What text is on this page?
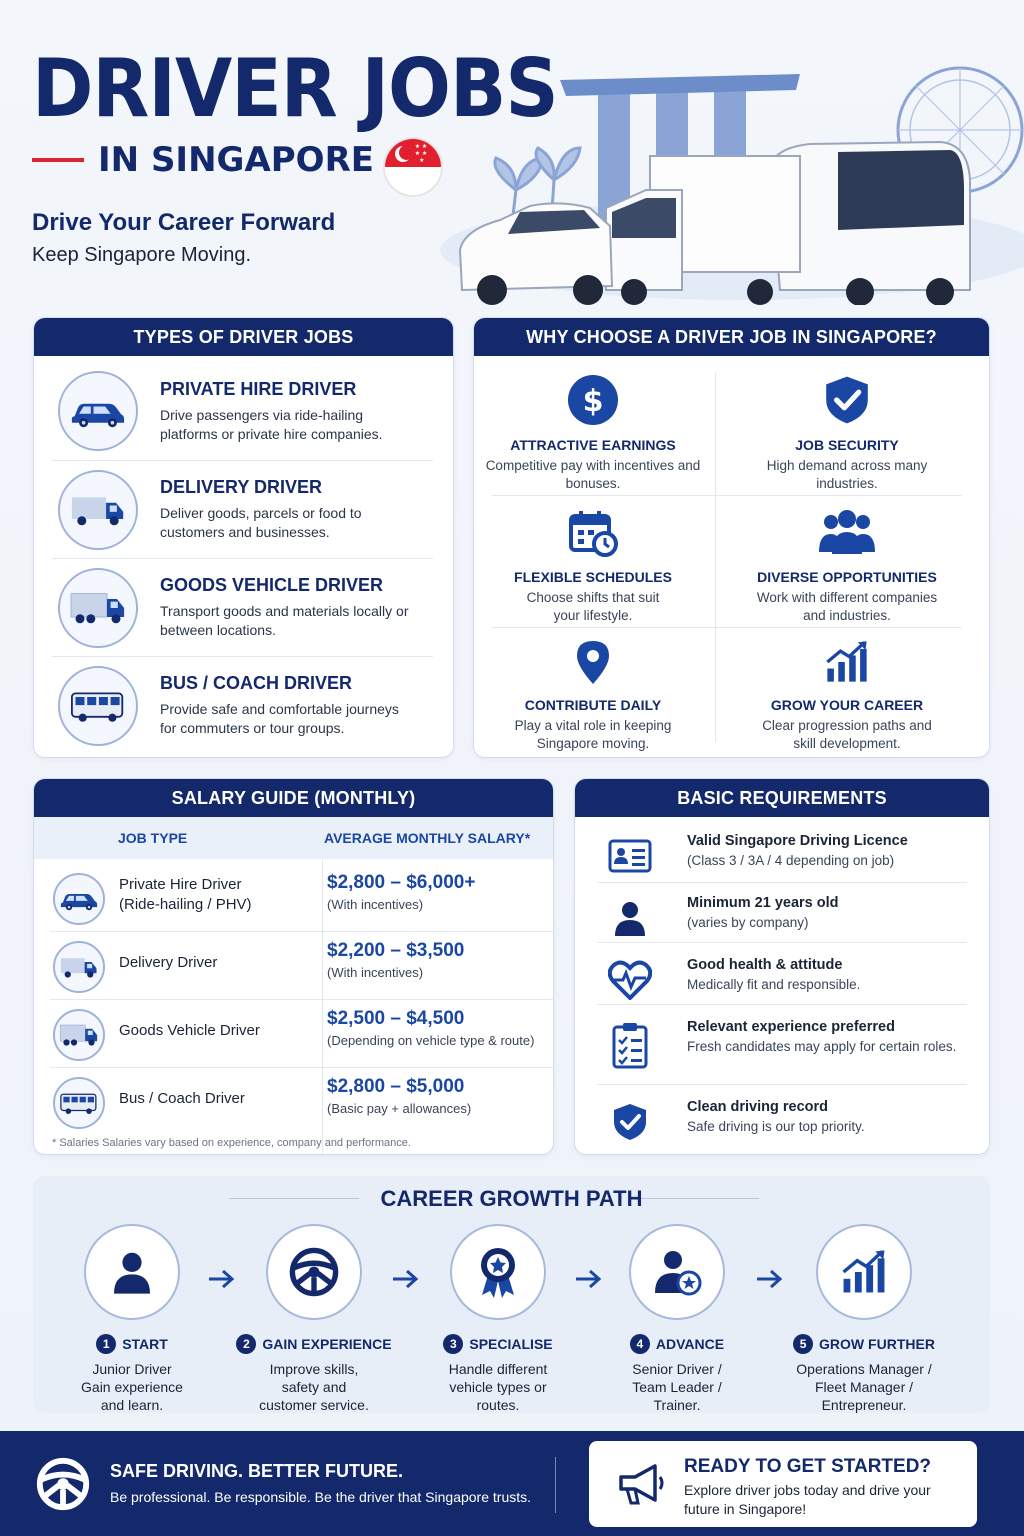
DRIVER JOBS
IN SINGAPORE	★ ★
★ ★
★
Drive Your Career Forward
Keep Singapore Moving.
TYPES OF DRIVER JOBS
PRIVATE HIRE DRIVER
Drive passengers via ride-hailing platforms or private hire companies.
DELIVERY DRIVER
Deliver goods, parcels or food to customers and businesses.
GOODS VEHICLE DRIVER
Transport goods and materials locally or between locations.
BUS / COACH DRIVER
Provide safe and comfortable journeys for commuters or tour groups.
WHY CHOOSE A DRIVER JOB IN SINGAPORE?
$
ATTRACTIVE EARNINGS
Competitive pay with incentives and bonuses.
JOB SECURITY
High demand across many industries.
FLEXIBLE SCHEDULES
Choose shifts that suit your lifestyle.
DIVERSE OPPORTUNITIES
Work with different companies and industries.
CONTRIBUTE DAILY
Play a vital role in keeping Singapore moving.
GROW YOUR CAREER
Clear progression paths and skill development.
SALARY GUIDE (MONTHLY)
JOB TYPE	AVERAGE MONTHLY SALARY*
Private Hire Driver
(Ride-hailing / PHV)
$2,800 – $6,000+
(With incentives)
Delivery Driver
$2,200 – $3,500
(With incentives)
Goods Vehicle Driver
$2,500 – $4,500
(Depending on vehicle type & route)
Bus / Coach Driver
$2,800 – $5,000
(Basic pay + allowances)
* Salaries Salaries vary based on experience, company and performance.
BASIC REQUIREMENTS
Valid Singapore Driving Licence
(Class 3 / 3A / 4 depending on job)
Minimum 21 years old
(varies by company)
Good health & attitude
Medically fit and responsible.
Relevant experience preferred
Fresh candidates may apply for certain roles.
Clean driving record
Safe driving is our top priority.
CAREER GROWTH PATH
1 START
Junior Driver
Gain experience
and learn.
2 GAIN EXPERIENCE
Improve skills,
safety and
customer service.
3 SPECIALISE
Handle different
vehicle types or
routes.
4 ADVANCE
Senior Driver /
Team Leader /
Trainer.
5 GROW FURTHER
Operations Manager /
Fleet Manager /
Entrepreneur.
SAFE DRIVING. BETTER FUTURE.
Be professional. Be responsible. Be the driver that Singapore trusts.
READY TO GET STARTED?
Explore driver jobs today and drive your future in Singapore!
